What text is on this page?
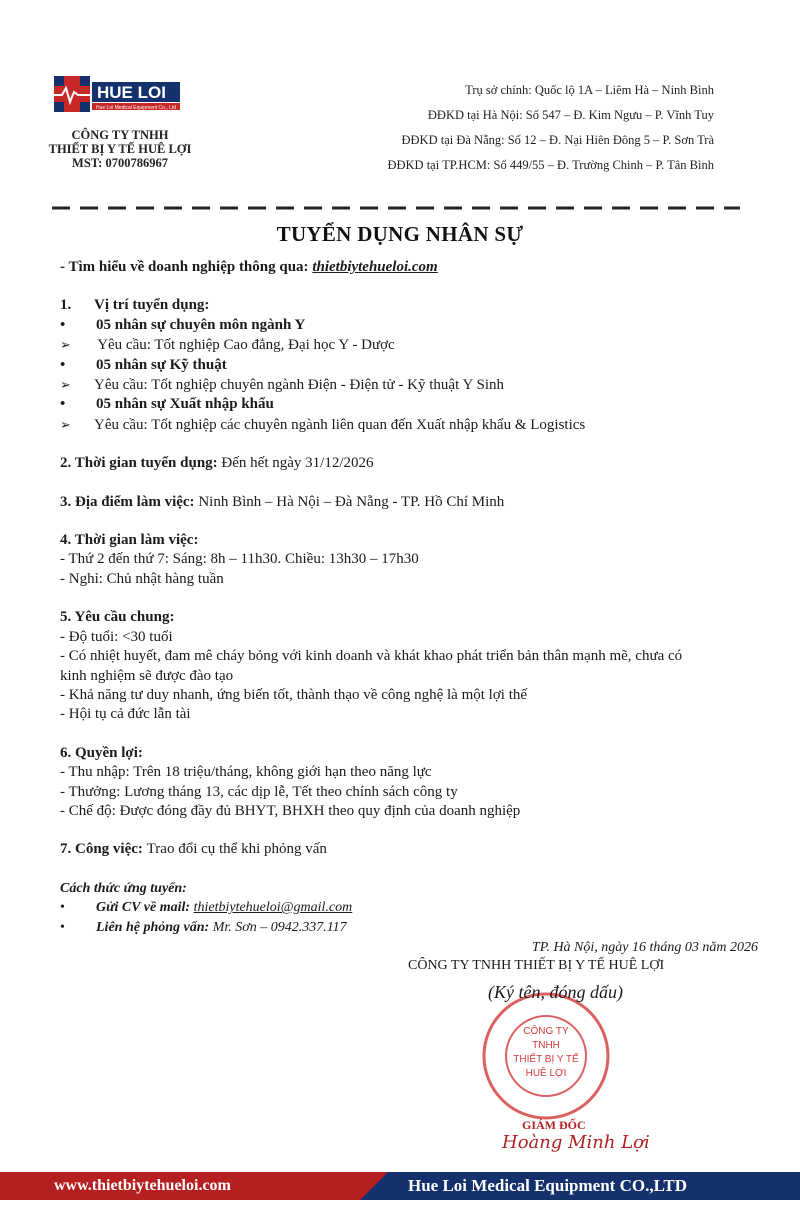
HUE LOI
Hue Loi Medical Equipment Co., Ltd
CÔNG TY TNHH
THIẾT BỊ Y TẾ HUÊ LỢI
MST: 0700786967
Trụ sở chính: Quốc lộ 1A – Liêm Hà – Ninh Bình
ĐĐKD tại Hà Nội: Số 547 – Đ. Kim Ngưu – P. Vĩnh Tuy
ĐĐKD tại Đà Nẵng: Số 12 – Đ. Nại Hiên Đông 5 – P. Sơn Trà
ĐĐKD tại TP.HCM: Số 449/55 – Đ. Trường Chinh – P. Tân Bình
TUYỂN DỤNG NHÂN SỰ
- Tìm hiểu về doanh nghiệp thông qua: thietbiytehueloi.com
1. Vị trí tuyển dụng:
• 05 nhân sự chuyên môn ngành Y
➢ Yêu cầu: Tốt nghiệp Cao đẳng, Đại học Y - Dược
• 05 nhân sự Kỹ thuật
➢ Yêu cầu: Tốt nghiệp chuyên ngành Điện - Điện tử - Kỹ thuật Y Sinh
• 05 nhân sự Xuất nhập khẩu
➢ Yêu cầu: Tốt nghiệp các chuyên ngành liên quan đến Xuất nhập khẩu & Logistics
2. Thời gian tuyển dụng: Đến hết ngày 31/12/2026
3. Địa điểm làm việc: Ninh Bình – Hà Nội – Đà Nẵng - TP. Hồ Chí Minh
4. Thời gian làm việc:
- Thứ 2 đến thứ 7: Sáng: 8h – 11h30. Chiều: 13h30 – 17h30
- Nghỉ: Chủ nhật hàng tuần
5. Yêu cầu chung:
- Độ tuổi: <30 tuổi
- Có nhiệt huyết, đam mê cháy bỏng với kinh doanh và khát khao phát triển bản thân mạnh mẽ, chưa có
kinh nghiệm sẽ được đào tạo
- Khả năng tư duy nhanh, ứng biến tốt, thành thạo về công nghệ là một lợi thế
- Hội tụ cả đức lẫn tài
6. Quyền lợi:
- Thu nhập: Trên 18 triệu/tháng, không giới hạn theo năng lực
- Thưởng: Lương tháng 13, các dịp lễ, Tết theo chính sách công ty
- Chế độ: Được đóng đầy đủ BHYT, BHXH theo quy định của doanh nghiệp
7. Công việc: Trao đổi cụ thể khi phỏng vấn
Cách thức ứng tuyển:
• Gửi CV về mail: thietbiytehueloi@gmail.com
• Liên hệ phỏng vấn: Mr. Sơn – 0942.337.117
TP. Hà Nội, ngày 16 tháng 03 năm 2026
CÔNG TY TNHH THIẾT BỊ Y TẾ HUÊ LỢI
CÔNG TY
TNHH
THIẾT BỊ Y TẾ
HUÊ LỢI
(Ký tên, đóng dấu)
GIÁM ĐỐC
Hoàng Minh Lợi
www.thietbiytehueloi.com	Hue Loi Medical Equipment CO.,LTD
